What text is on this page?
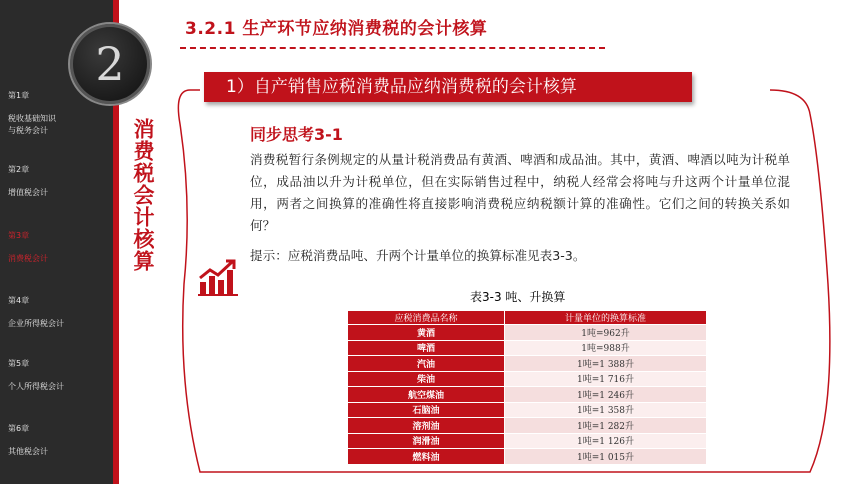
第1章
税收基础知识
与税务会计
第2章
增值税会计
第3章
消费税会计
第4章
企业所得税会计
第5章
个人所得税会计
第6章
其他税会计
2
消费税会计核算
3.2.1 生产环节应纳消费税的会计核算
1）自产销售应税消费品应纳消费税的会计核算
同步思考3-1
消费税暂行条例规定的从量计税消费品有黄酒、啤酒和成品油。其中，黄酒、啤酒以吨为计税单位，成品油以升为计税单位，但在实际销售过程中，纳税人经常会将吨与升这两个计量单位混用，两者之间换算的准确性将直接影响消费税应纳税额计算的准确性。它们之间的转换关系如何？
提示：应税消费品吨、升两个计量单位的换算标准见表3-3。
表3-3 吨、升换算
应税消费品名称	计量单位的换算标准
黄酒	1吨=962升
啤酒	1吨=988升
汽油	1吨=1 388升
柴油	1吨=1 716升
航空煤油	1吨=1 246升
石脑油	1吨=1 358升
溶剂油	1吨=1 282升
润滑油	1吨=1 126升
燃料油	1吨=1 015升
